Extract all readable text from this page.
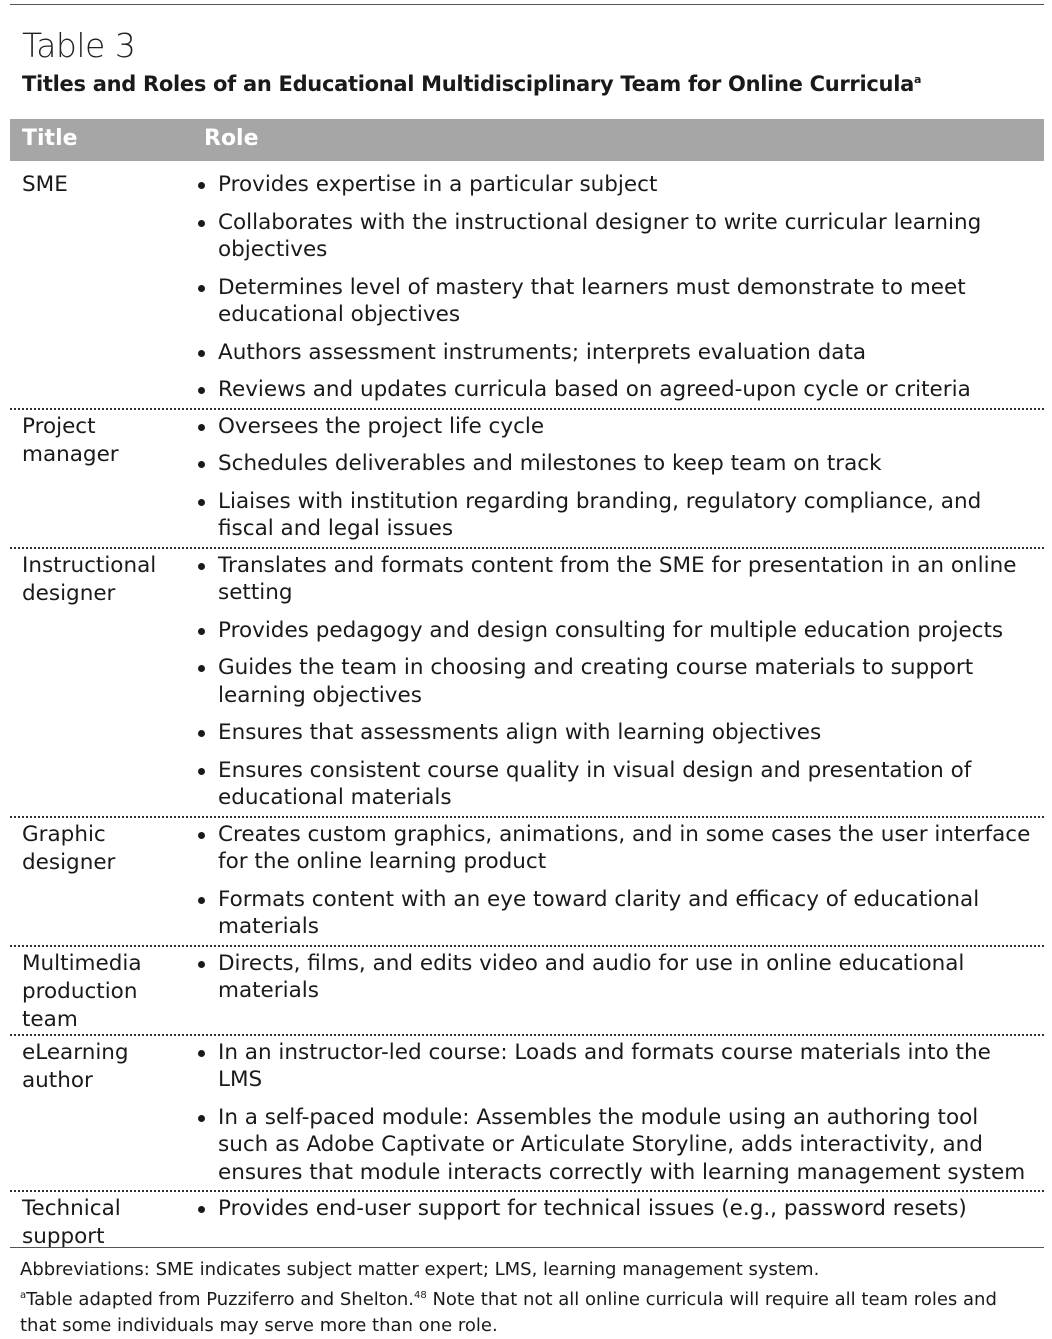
Table 3
Titles and Roles of an Educational Multidisciplinary Team for Online Curricula$^a$
Title	Role
SME	Provides expertise in a particular subject
Collaborates with the instructional designer to write curricular learning objectives
Determines level of mastery that learners must demonstrate to meet educational objectives
Authors assessment instruments; interprets evaluation data
Reviews and updates curricula based on agreed-upon cycle or criteria
Project
manager
Oversees the project life cycle
Schedules deliverables and milestones to keep team on track
Liaises with institution regarding branding, regulatory compliance, and fiscal and legal issues
Instructional
designer
Translates and formats content from the SME for presentation in an online setting
Provides pedagogy and design consulting for multiple education projects
Guides the team in choosing and creating course materials to support learning objectives
Ensures that assessments align with learning objectives
Ensures consistent course quality in visual design and presentation of educational materials
Graphic
designer
Creates custom graphics, animations, and in some cases the user interface for the online learning product
Formats content with an eye toward clarity and efficacy of educational materials
Multimedia
production
team
Directs, films, and edits video and audio for use in online educational materials
eLearning
author
In an instructor-led course: Loads and formats course materials into the LMS
In a self-paced module: Assembles the module using an authoring tool such as Adobe Captivate or Articulate Storyline, adds interactivity, and ensures that module interacts correctly with learning management system
Technical
support
Provides end-user support for technical issues (e.g., password resets)

Abbreviations: SME indicates subject matter expert; LMS, learning management system.

$^a$Table adapted from Puzziferro and Shelton.$^{48}$ Note that not all online curricula will require all team roles and that some individuals may serve more than one role.
